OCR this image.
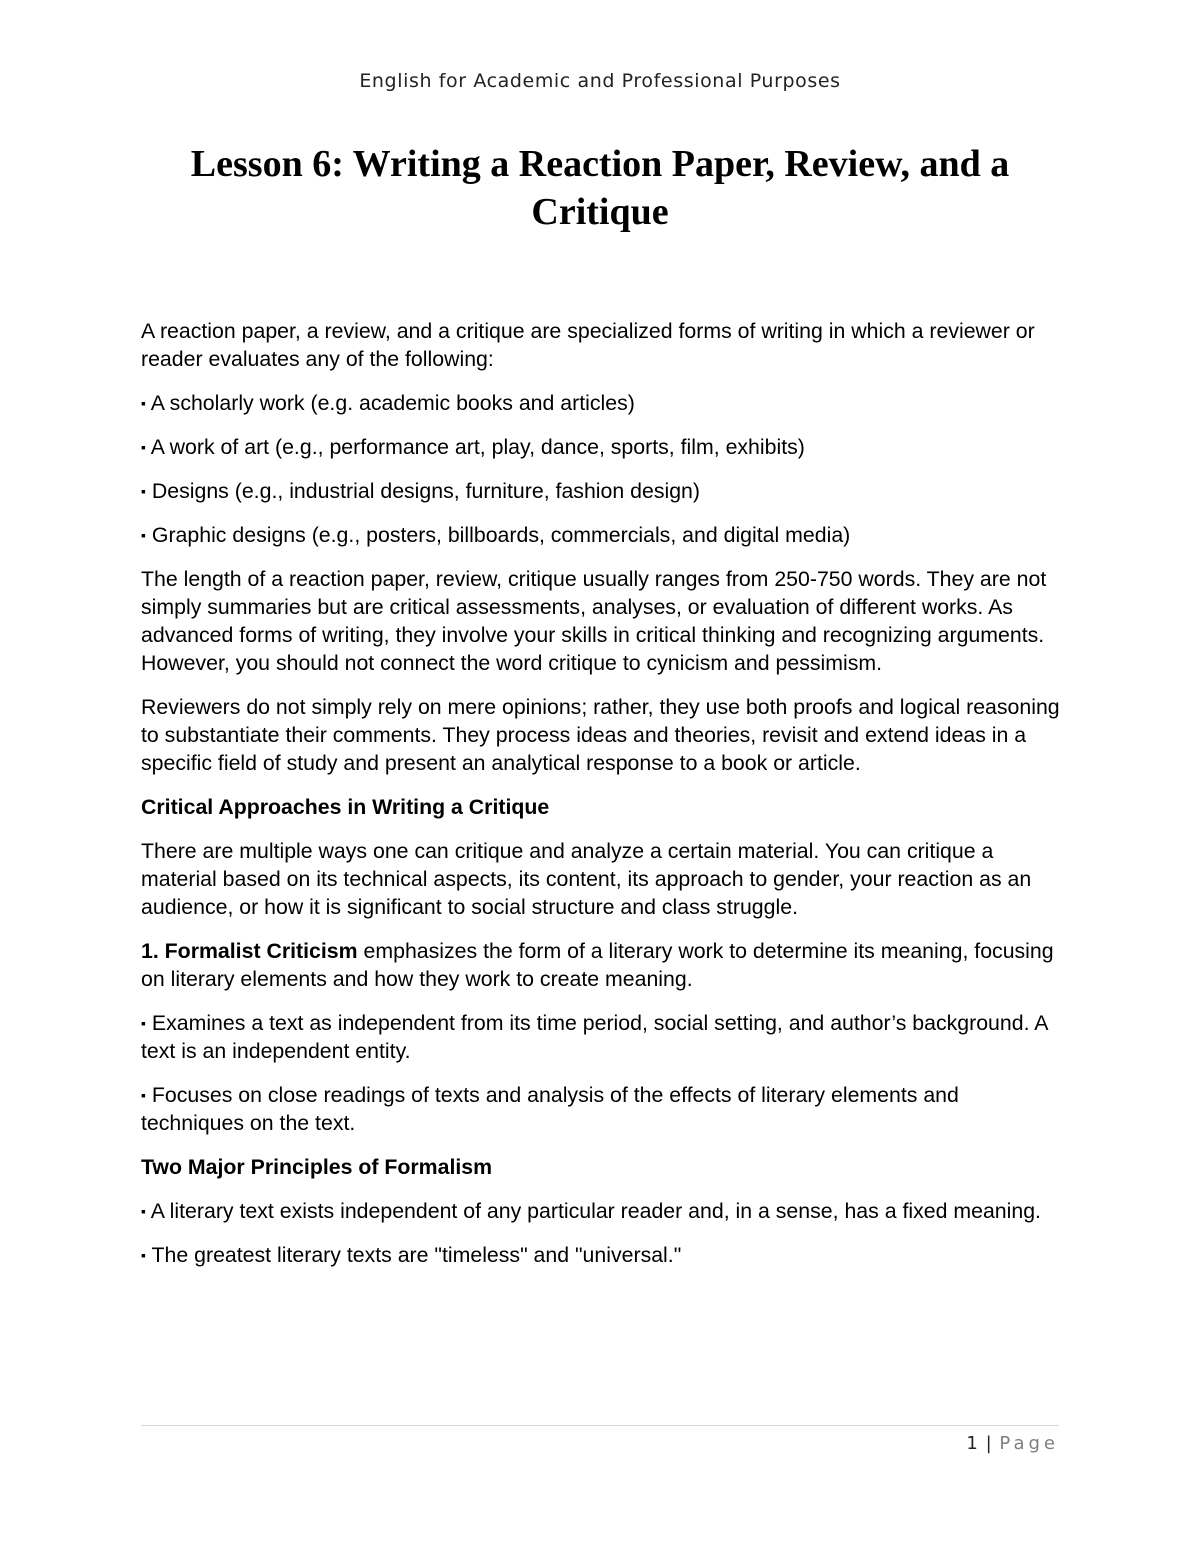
English for Academic and Professional Purposes
Lesson 6: Writing a Reaction Paper, Review, and a
Critique

A reaction paper, a review, and a critique are specialized forms of writing in which a reviewer or reader evaluates any of the following:

▪ A scholarly work (e.g. academic books and articles)

▪ A work of art (e.g., performance art, play, dance, sports, film, exhibits)

▪ Designs (e.g., industrial designs, furniture, fashion design)

▪ Graphic designs (e.g., posters, billboards, commercials, and digital media)

The length of a reaction paper, review, critique usually ranges from 250-750 words. They are not simply summaries but are critical assessments, analyses, or evaluation of different works. As advanced forms of writing, they involve your skills in critical thinking and recognizing arguments. However, you should not connect the word critique to cynicism and pessimism.

Reviewers do not simply rely on mere opinions; rather, they use both proofs and logical reasoning to substantiate their comments. They process ideas and theories, revisit and extend ideas in a specific field of study and present an analytical response to a book or article.

Critical Approaches in Writing a Critique

There are multiple ways one can critique and analyze a certain material. You can critique a material based on its technical aspects, its content, its approach to gender, your reaction as an audience, or how it is significant to social structure and class struggle.

1. Formalist Criticism emphasizes the form of a literary work to determine its meaning, focusing on literary elements and how they work to create meaning.

▪ Examines a text as independent from its time period, social setting, and author’s background. A text is an independent entity.

▪ Focuses on close readings of texts and analysis of the effects of literary elements and techniques on the text.

Two Major Principles of Formalism

▪ A literary text exists independent of any particular reader and, in a sense, has a fixed meaning.

▪ The greatest literary texts are "timeless" and "universal."

1 | Page
